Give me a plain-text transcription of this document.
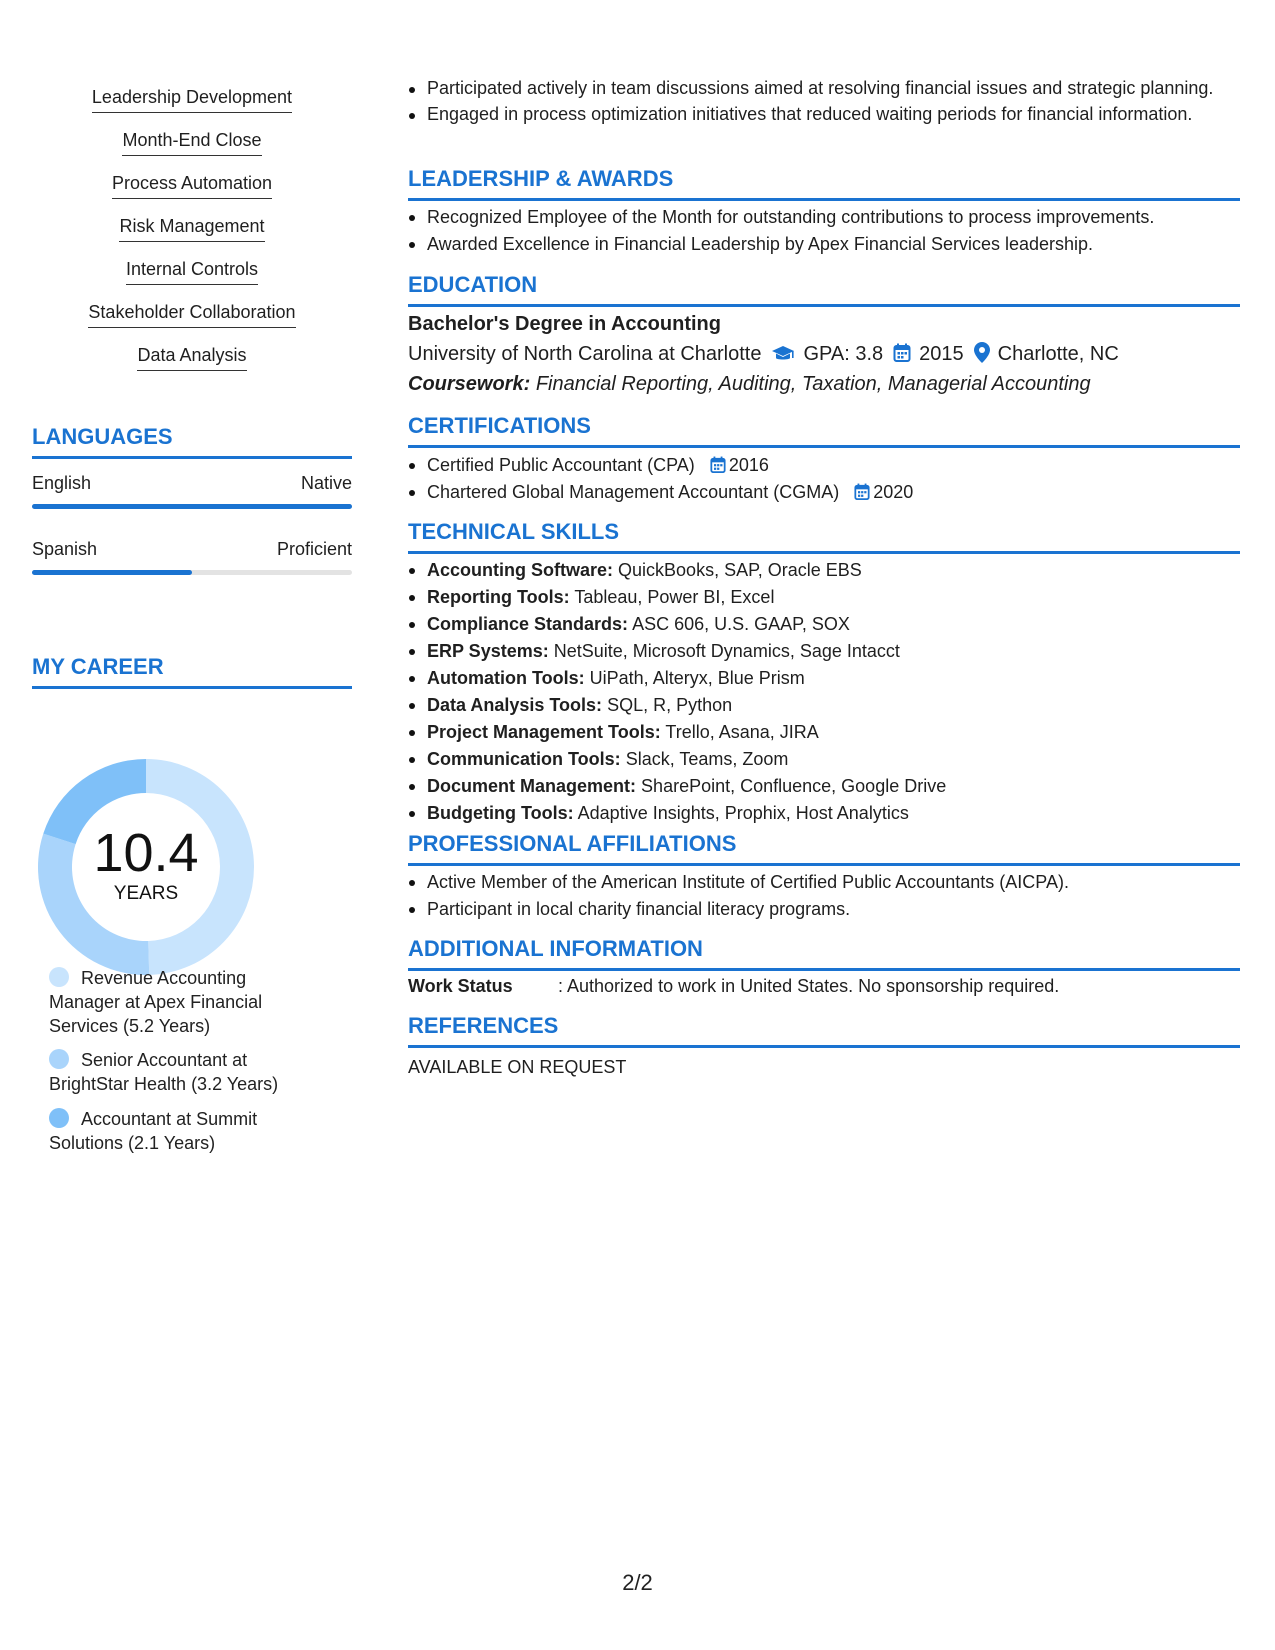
Leadership Development
Month-End Close
Process Automation
Risk Management
Internal Controls
Stakeholder Collaboration
Data Analysis
LANGUAGES
English	Native
Spanish	Proficient
MY CAREER
10.4
YEARS
Revenue Accounting Manager at Apex Financial Services (5.2 Years)
Senior Accountant at BrightStar Health (3.2 Years)
Accountant at Summit Solutions (2.1 Years)
Participated actively in team discussions aimed at resolving financial issues and strategic planning.
Engaged in process optimization initiatives that reduced waiting periods for financial information.
LEADERSHIP & AWARDS
Recognized Employee of the Month for outstanding contributions to process improvements.
Awarded Excellence in Financial Leadership by Apex Financial Services leadership.
EDUCATION
Bachelor's Degree in Accounting
University of North Carolina at Charlotte GPA: 3.8 2015 Charlotte, NC
Coursework: Financial Reporting, Auditing, Taxation, Managerial Accounting
CERTIFICATIONS
Certified Public Accountant (CPA) 2016
Chartered Global Management Accountant (CGMA) 2020
TECHNICAL SKILLS
Accounting Software: QuickBooks, SAP, Oracle EBS
Reporting Tools: Tableau, Power BI, Excel
Compliance Standards: ASC 606, U.S. GAAP, SOX
ERP Systems: NetSuite, Microsoft Dynamics, Sage Intacct
Automation Tools: UiPath, Alteryx, Blue Prism
Data Analysis Tools: SQL, R, Python
Project Management Tools: Trello, Asana, JIRA
Communication Tools: Slack, Teams, Zoom
Document Management: SharePoint, Confluence, Google Drive
Budgeting Tools: Adaptive Insights, Prophix, Host Analytics
PROFESSIONAL AFFILIATIONS
Active Member of the American Institute of Certified Public Accountants (AICPA).
Participant in local charity financial literacy programs.
ADDITIONAL INFORMATION
Work Status	: Authorized to work in United States. No sponsorship required.
REFERENCES
AVAILABLE ON REQUEST
2/2
